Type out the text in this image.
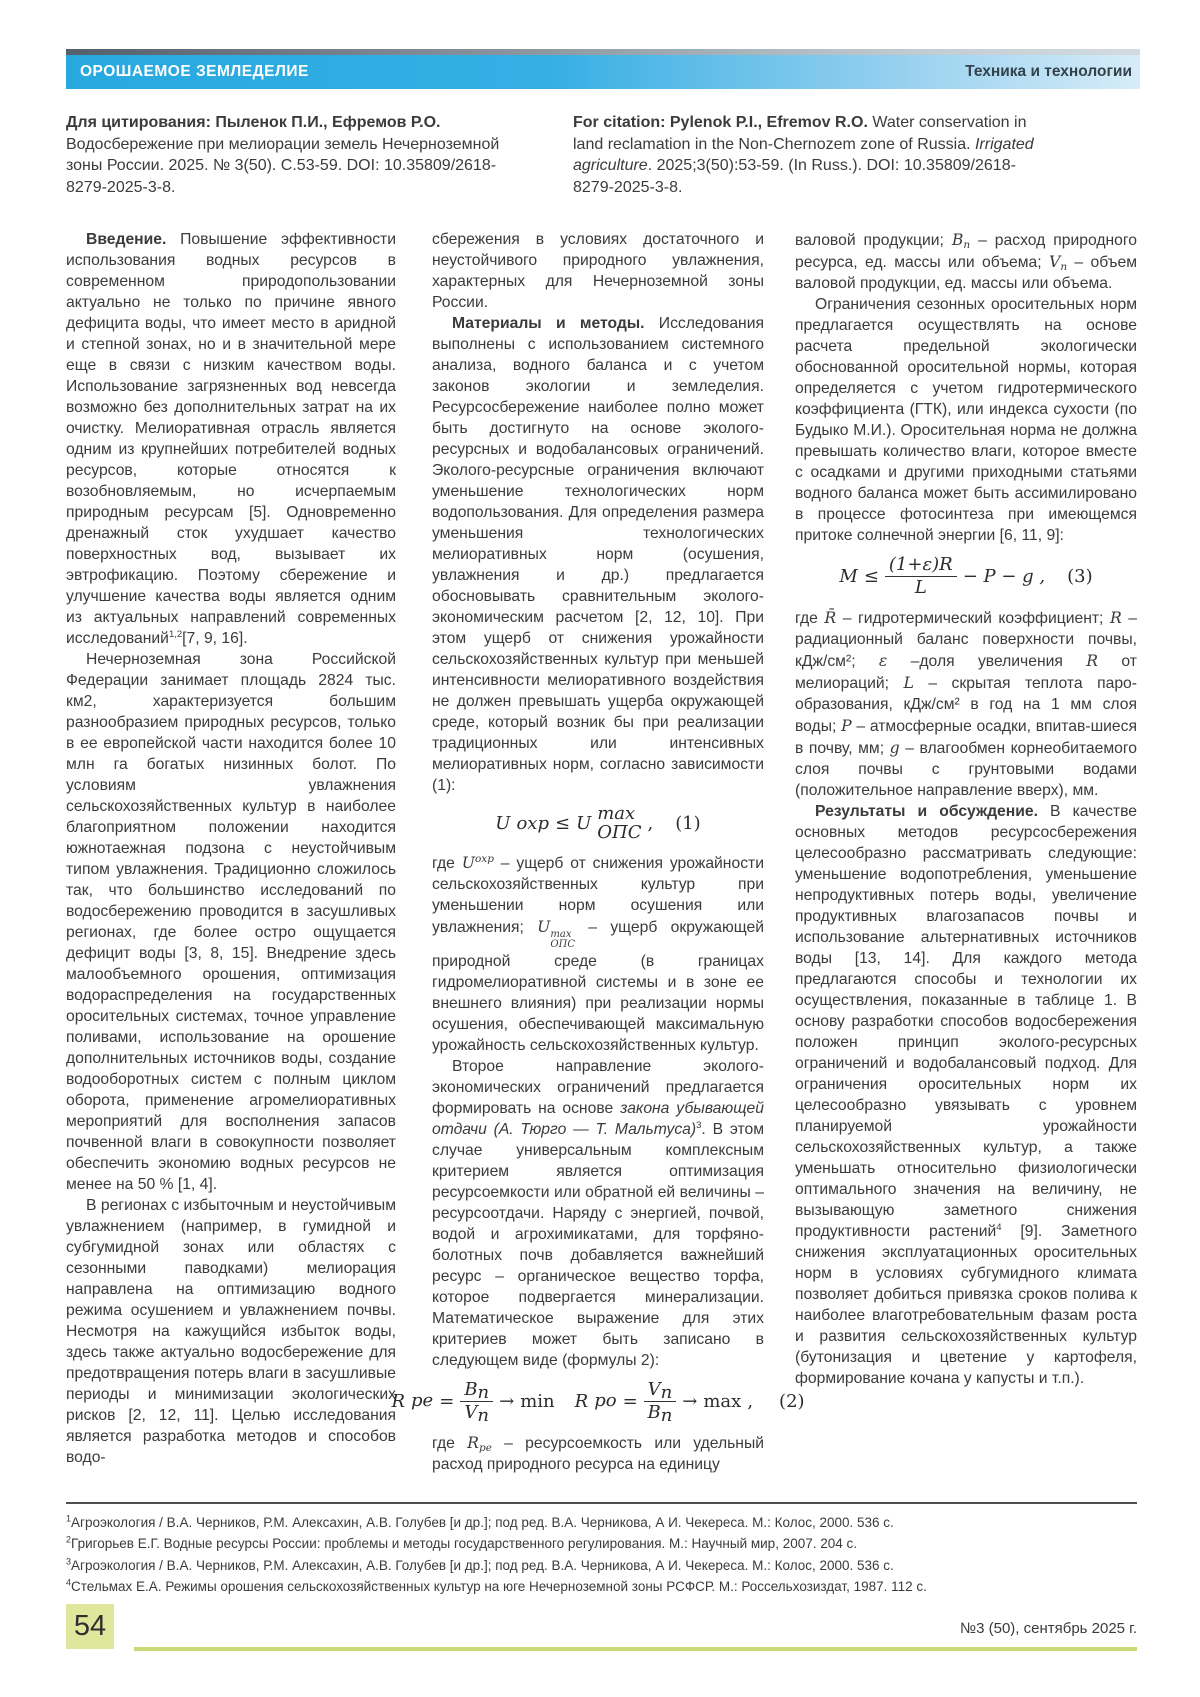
ОРОШАЕМОЕ ЗЕМЛЕДЕЛИЕ	Техника и технологии
Для цитирования: Пыленок П.И., Ефремов Р.О.
Водосбережение при мелиорации земель Нечерноземной зоны России. 2025. № 3(50). С.53-59. DOI: 10.35809/2618-8279-2025-3-8.
For citation: Pylenok P.I., Efremov R.O. Water conservation in land reclamation in the Non-Chernozem zone of Russia. Irrigated agriculture. 2025;3(50):53-59. (In Russ.). DOI: 10.35809/2618-8279-2025-3-8.

Введение. Повышение эффективности использования водных ресурсов в современном природопользовании актуально не только по причине явного дефицита воды, что имеет место в аридной и степной зонах, но и в значительной мере еще в связи с низким качеством воды. Использование загрязненных вод невсегда возможно без дополнительных затрат на их очистку. Мелиоративная отрасль является одним из крупнейших потребителей водных ресурсов, которые относятся к возобновляемым, но исчерпаемым природным ресурсам [5]. Одновременно дренажный сток ухудшает качество поверхностных вод, вызывает их эвтрофикацию. Поэтому сбережение и улучшение качества воды является одним из актуальных направлений современных исследований$^{1,2}$[7, 9, 16].

Нечерноземная зона Российской Федерации занимает площадь 2824 тыс. км2, характеризуется большим разнообразием природных ресурсов, только в ее европейской части находится более 10 млн га богатых низинных болот. По условиям увлажнения сельскохозяйственных культур в наиболее благоприятном положении находится южнотаежная подзона с неустойчивым типом увлажнения. Традиционно сложилось так, что большинство исследований по водосбережению проводится в засушливых регионах, где более остро ощущается дефицит воды [3, 8, 15]. Внедрение здесь малообъемного орошения, оптимизация водораспределения на государственных оросительных системах, точное управление поливами, использование на орошение дополнительных источников воды, создание водооборотных систем с полным циклом оборота, применение агромелиоративных мероприятий для восполнения запасов почвенной влаги в совокупности позволяет обеспечить экономию водных ресурсов не менее на 50 % [1, 4].

В регионах с избыточным и неустойчивым увлажнением (например, в гумидной и субгумидной зонах или областях с сезонными паводками) мелиорация направлена на оптимизацию водного режима осушением и увлажнением почвы. Несмотря на кажущийся избыток воды, здесь также актуально водосбережение для предотвращения потерь влаги в засушливые периоды и минимизации экологических рисков [2, 12, 11]. Целью исследования является разработка методов и способов водо-

сбережения в условиях достаточного и неустойчивого природного увлажнения, характерных для Нечерноземной зоны России.

Материалы и методы. Исследования выполнены с использованием системного анализа, водного баланса и с учетом законов экологии и земледелия. Ресурсосбережение наиболее полно может быть достигнуто на основе эколого-ресурсных и водобалансовых ограничений. Эколого-ресурсные ограничения включают уменьшение технологических норм водопользования. Для определения размера уменьшения технологических мелиоративных норм (осушения, увлажнения и др.) предлагается обосновывать сравнительным эколого-экономическим расчетом [2, 12, 10]. При этом ущерб от снижения урожайности сельскохозяйственных культур при меньшей интенсивности мелиоративного воздействия не должен превышать ущерба окружающей среде, который возник бы при реализации традиционных или интенсивных мелиоративных норм, согласно зависимости (1):

U охр ≤ U max
ОПС , (1)

где $U^{охр}$ – ущерб от снижения урожайности сельскохозяйственных культур при уменьшении норм осушения или увлажнения; U max
ОПС
– ущерб окружающей природной среде (в границах гидромелиоративной системы и в зоне ее внешнего влияния) при реализации нормы осушения, обеспечивающей максимальную урожайность сельскохозяйственных культур.

Второе направление эколого-экономических ограничений предлагается формировать на основе закона убывающей отдачи (А. Тюрго — Т. Мальтуса)$^3$. В этом случае универсальным комплексным критерием является оптимизация ресурсоемкости или обратной ей величины – ресурсоотдачи. Наряду с энергией, почвой, водой и агрохимикатами, для торфяно-болотных почв добавляется важнейший ресурс – органическое вещество торфа, которое подвергается минерализации. Математическое выражение для этих критериев может быть записано в следующем виде (формулы 2):

R ре = $\frac{Bп}{Vп} \to \min R$ ро = $\frac{Vп}{Bп} \to \max$ , (2)

где Rре – ресурсоемкость или удельный расход природного ресурса на единицу

валовой продукции; Bп – расход природного ресурса, ед. массы или объема; Vп – объем валовой продукции, ед. массы или объема.

Ограничения сезонных оросительных норм предлагается осуществлять на основе расчета предельной экологически обоснованной оросительной нормы, которая определяется с учетом гидротермического коэффициента (ГТК), или индекса сухости (по Будыко М.И.). Оросительная норма не должна превышать количество влаги, которое вместе с осадками и другими приходными статьями водного баланса может быть ассимилировано в процессе фотосинтеза при имеющемся притоке солнечной энергии [6, 11, 9]:

$M \le \frac{(1+\varepsilon)R}{L} - P - g$ , (3)

где R̄ – гидротермический коэффициент; R – радиационный баланс поверхности почвы, кДж/см²; ε –доля увеличения R от мелиораций; L – скрытая теплота паро-образования, кДж/см² в год на 1 мм слоя воды; P – атмосферные осадки, впитав-шиеся в почву, мм; g – влагообмен корнеобитаемого слоя почвы с грунтовыми водами (положительное направление вверх), мм.

Результаты и обсуждение. В качестве основных методов ресурсосбережения целесообразно рассматривать следующие: уменьшение водопотребления, уменьшение непродуктивных потерь воды, увеличение продуктивных влагозапасов почвы и использование альтернативных источников воды [13, 14]. Для каждого метода предлагаются способы и технологии их осуществления, показанные в таблице 1. В основу разработки способов водосбережения положен принцип эколого-ресурсных ограничений и водобалансовый подход. Для ограничения оросительных норм их целесообразно увязывать с уровнем планируемой урожайности сельскохозяйственных культур, а также уменьшать относительно физиологически оптимального значения на величину, не вызывающую заметного снижения продуктивности растений$^4$ [9]. Заметного снижения эксплуатационных оросительных норм в условиях субгумидного климата позволяет добиться привязка сроков полива к наиболее влаготребовательным фазам роста и развития сельскохозяйственных культур (бутонизация и цветение у картофеля, формирование кочана у капусты и т.п.).

$^1$Агроэкология / В.А. Черников, Р.М. Алексахин, А.В. Голубев [и др.]; под ред. В.А. Черникова, А И. Чекереса. М.: Колос, 2000. 536 с.

$^2$Григорьев Е.Г. Водные ресурсы России: проблемы и методы государственного регулирования. М.: Научный мир, 2007. 204 с.

$^3$Агроэкология / В.А. Черников, Р.М. Алексахин, А.В. Голубев [и др.]; под ред. В.А. Черникова, А И. Чекереса. М.: Колос, 2000. 536 с.

$^4$Стельмах Е.А. Режимы орошения сельскохозяйственных культур на юге Нечерноземной зоны РСФСР. М.: Россельхозиздат, 1987. 112 с.

54	№3 (50), сентябрь 2025 г.
